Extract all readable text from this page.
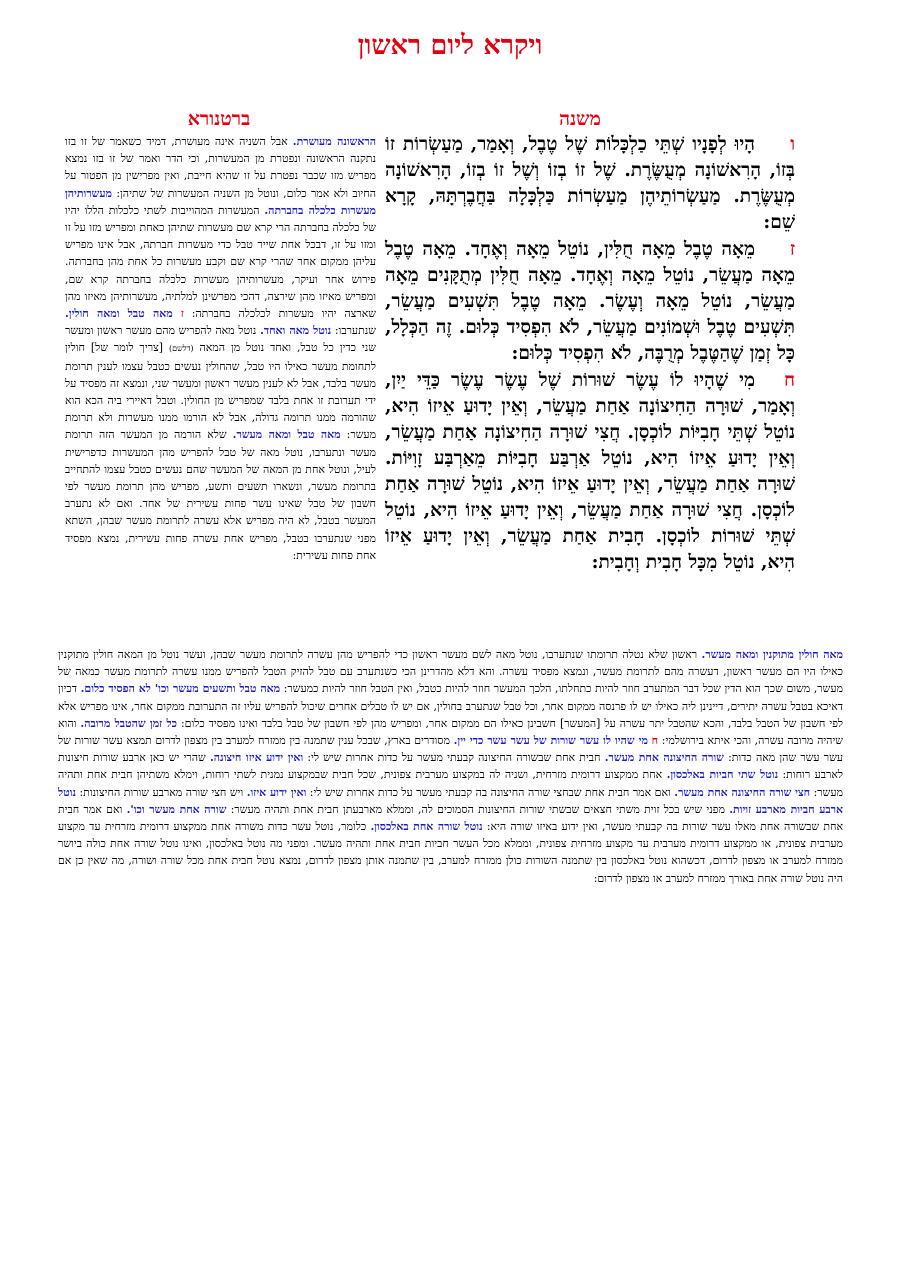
ויקרא ליום ראשון
משנה
ברטנורא

והָיוּ לְפָנָיו שְׁתֵּי כַלְכָּלוֹת שֶׁל טֶבֶל, וְאָמַר, מַעַשְׂרוֹת זוֹ בְּזוֹ, הָרִאשׁוֹנָה מְעֻשֶּׂרֶת. שֶׁל זוֹ בְזוֹ וְשֶׁל זוֹ בְזוֹ, הָרִאשׁוֹנָה מְעֻשֶּׂרֶת. מַעַשְׂרוֹתֵיהֶן מַעַשְׂרוֹת כַּלְכָּלָה בַּחֲבֶרְתָּהּ, קָרָא שֵׁם:

זמֵאָה טֶבֶל מֵאָה חֻלִּין, נוֹטֵל מֵאָה וְאֶחָד. מֵאָה טֶבֶל מֵאָה מַעֲשֵׂר, נוֹטֵל מֵאָה וְאֶחָד. מֵאָה חֻלִּין מְתֻקָּנִים מֵאָה מַעֲשֵׂר, נוֹטֵל מֵאָה וְעֶשֶׂר. מֵאָה טֶבֶל תִּשְׁעִים מַעֲשֵׂר, תִּשְׁעִים טֶבֶל וּשְׁמוֹנִים מַעֲשֵׂר, לֹא הִפְסִיד כְּלוּם. זֶה הַכְּלָל, כָּל זְמַן שֶׁהַטֶּבֶל מְרֻבֶּה, לֹא הִפְסִיד כְּלוּם:

חמִי שֶׁהָיוּ לוֹ עֶשֶׂר שׁוּרוֹת שֶׁל עֶשֶׂר עֶשֶׂר כַּדֵּי יַיִן, וְאָמַר, שׁוּרָה הַחִיצוֹנָה אַחַת מַעֲשֵׂר, וְאֵין יָדוּעַ אֵיזוֹ הִיא, נוֹטֵל שְׁתֵּי חָבִיּוֹת לוֹכְסָן. חֲצִי שׁוּרָה הַחִיצוֹנָה אַחַת מַעֲשֵׂר, וְאֵין יָדוּעַ אֵיזוֹ הִיא, נוֹטֵל אַרְבַּע חָבִיּוֹת מֵאַרְבַּע זָוִיּוֹת. שׁוּרָה אַחַת מַעֲשֵׂר, וְאֵין יָדוּעַ אֵיזוֹ הִיא, נוֹטֵל שׁוּרָה אַחַת לוֹכְסָן. חֲצִי שׁוּרָה אַחַת מַעֲשֵׂר, וְאֵין יָדוּעַ אֵיזוֹ הִיא, נוֹטֵל שְׁתֵּי שׁוּרוֹת לוֹכְסָן. חָבִית אַחַת מַעֲשֵׂר, וְאֵין יָדוּעַ אֵיזוֹ הִיא, נוֹטֵל מִכָּל חָבִית וְחָבִית:

הראשונה מעושרת. אבל השניה אינה מעושרת, דמיד כשאמר של זו בזו נתקנה הראשונה ונפטרת מן המעשרות, וכי הדר ואמר של זו בזו נמצא מפריש מזו שכבר נפטרת על זו שהיא חייבת, ואין מפרישין מן הפטור על החיוב ולא אמר כלום, ונוטל מן השניה המעשרות של שתיהן: מעשרותיהן מעשרות כלכלה בחברתה. המעשרות המהוייבות לשתי כלכלות הללו יהיו של כלכלה בחברתה הרי קרא שם מעשרות שתיהן כאחת ומפריש מזו על זו ומזו על זו, דבכל אחת שייר טבל כדי מעשרות חברתה, אבל אינו מפריש עליהן ממקום אחר שהרי קרא שם וקבע מעשרות כל אחת מהן בחברתה. פירוש אחר ועיקר, מעשרותיהן מעשרות כלכלה בחברתה קרא שם, ומפריש מאיזו מהן שירצה, דהכי מפרשינן למלתיה, מעשרותיהן מאיזו מהן שארצה יהיו מעשרות לכלכלה בחברתה: ז מאה טבל ומאה חולין. שנתערבו: נוטל מאה ואחד. נוטל מאה להפריש מהם מעשר ראשון ומעשר שני כדין כל טבל, ואחד נוטל מן המאה (דלשם) [צריך לומר של] חולין לתחומת מעשר כאילו היו טבל, שהחולין נעשים כטבל עצמו לענין תרומת מעשר בלבד, אבל לא לענין מעשר ראשון ומעשר שני, ונמצא זה מפסיד על ידי תערובת זו אחת בלבד שמפריש מן החולין. וטבל דאיירי ביה הכא הוא שהורמה ממנו תרומה גדולה, אבל לא הורמו ממנו מעשרות ולא תרומת מעשר: מאה טבל ומאה מעשר. שלא הורמה מן המעשר הזה תרומת מעשר ונתערבו, נוטל מאה של טבל להפריש מהן המעשרות כדפרישית לעיל, ונוטל אחת מן המאה של המעשר שהם נעשים כטבל עצמו להתחייב בתרומת מעשר, ונשארו תשעים ותשע, מפריש מהן תרומת מעשר לפי חשבון של טבל שאינו עשר פחות עשירית של אחד. ואם לא נתערב המעשר בטבל, לא היה מפריש אלא עשרה לתרומת מעשר שבהן, השתא מפני שנתערבו בטבל, מפריש אחת עשרה פחות עשירית, נמצא מפסיד אחת פחות עשירית:
מאה חולין מתוקנין ומאה מעשר. ראשון שלא נטלה תרומתו שנתערבו, נוטל מאה לשם מעשר ראשון כדי להפריש מהן עשרה לתרומת מעשר שבהן, ועשר נוטל מן המאה חולין מתוקנין כאילו היו הם מעשר ראשון, דעשרה מהם לתרומת מעשר, ונמצא מפסיד עשרה. והא דלא מהדרינן הכי כשנתערב עם טבל להזיק הטבל להפריש ממנו עשרה לתרומת מעשר כמאה של מעשר, משום שכך הוא הדין שכל דבר המתערב חוזר להיות כתחלתו, הלכך המעשר חוזר להיות כטבל, ואין הטבל חוזר להיות כמעשר: מאה טבל ותשעים מעשר וכו' לא הפסיד כלום. דכיון דאיכא בטבל עשרה יתירים, דיינינן ליה כאילו יש לו פרנסה ממקום אחר, וכל טבל שנתערב בחולין, אם יש לו טבלים אחרים שיכול להפריש עליו זה התערובת ממקום אחר, אינו מפריש אלא לפי חשבון של הטבל בלבד, והכא שהטבל יתר עשרה על [המעשר] חשבינן כאילו הם ממקום אחר, ומפריש מהן לפי חשבון של טבל בלבד ואינו מפסיד כלום: כל זמן שהטבל מרובה. והוא שיהיה מרובה עשרה, והכי איתא בירושלמי: ח מי שהיו לו עשר שורות של עשר עשר כדי יין. מסודרים בארץ, שבכל ענין שתמנה בין ממזרח למערב בין מצפון לדרום תמצא עשר שורות של עשר עשר שהן מאה כדות: שורה החיצונה אחת מעשר. חבית אחת שבשורה החיצונה קבעתי מעשר על כדות אחרות שיש לי: ואין ידוע איזו חיצונה. שהרי יש כאן ארבע שורות חיצונות לארבע רוחות: נוטל שתי חביות באלכסון. אחת ממקצוע דרומית מזרחית, ושניה לה במקצוע מערבית צפונית, שכל חבית שבמקצוע נמנית לשתי רוחות, וימלא משתיהן חבית אחת ותהיה מעשר: חצי שורה החיצונה אחת מעשר. ואם אמר חבית אחת שבחצי שורה החיצונה בה קבעתי מעשר על כדות אחרות שיש לי: ואין ידוע איזו. ויש חצי שורה מארבע שורות החיצונות: נוטל ארבע חביות מארבע זויות. מפני שיש בכל זוית משתי חצאים שבשתי שורות החיצונות הסמוכים לה, וממלא מארבעתן חבית אחת ותהיה מעשר: שורה אחת מעשר וכו'. ואם אמר חבית אחת שבשורה אחת מאלו עשר שורות בה קבעתי מעשר, ואין ידוע באיזו שורה היא: נוטל שורה אחת באלכסון. כלומר, נוטל עשר כדות משורה אחת ממקצוע דרומית מזרחית עד מקצוע מערבית צפונית, או ממקצוע דרומית מערבית עד מקצוע מזרחית צפונית, וממלא מכל העשר חביות חבית אחת ותהיה מעשר. ומפני מה נוטל באלכסון, ואינו נוטל שורה אחת כולה ביושר ממזרח למערב או מצפון לדרום, דכשהוא נוטל באלכסון בין שתמנה השורות כולן ממזרח למערב, בין שתמנה אותן מצפון לדרום, נמצא נוטל חבית אחת מכל שורה ושורה, מה שאין כן אם היה נוטל שורה אחת באורך ממזרח למערב או מצפון לדרום:
